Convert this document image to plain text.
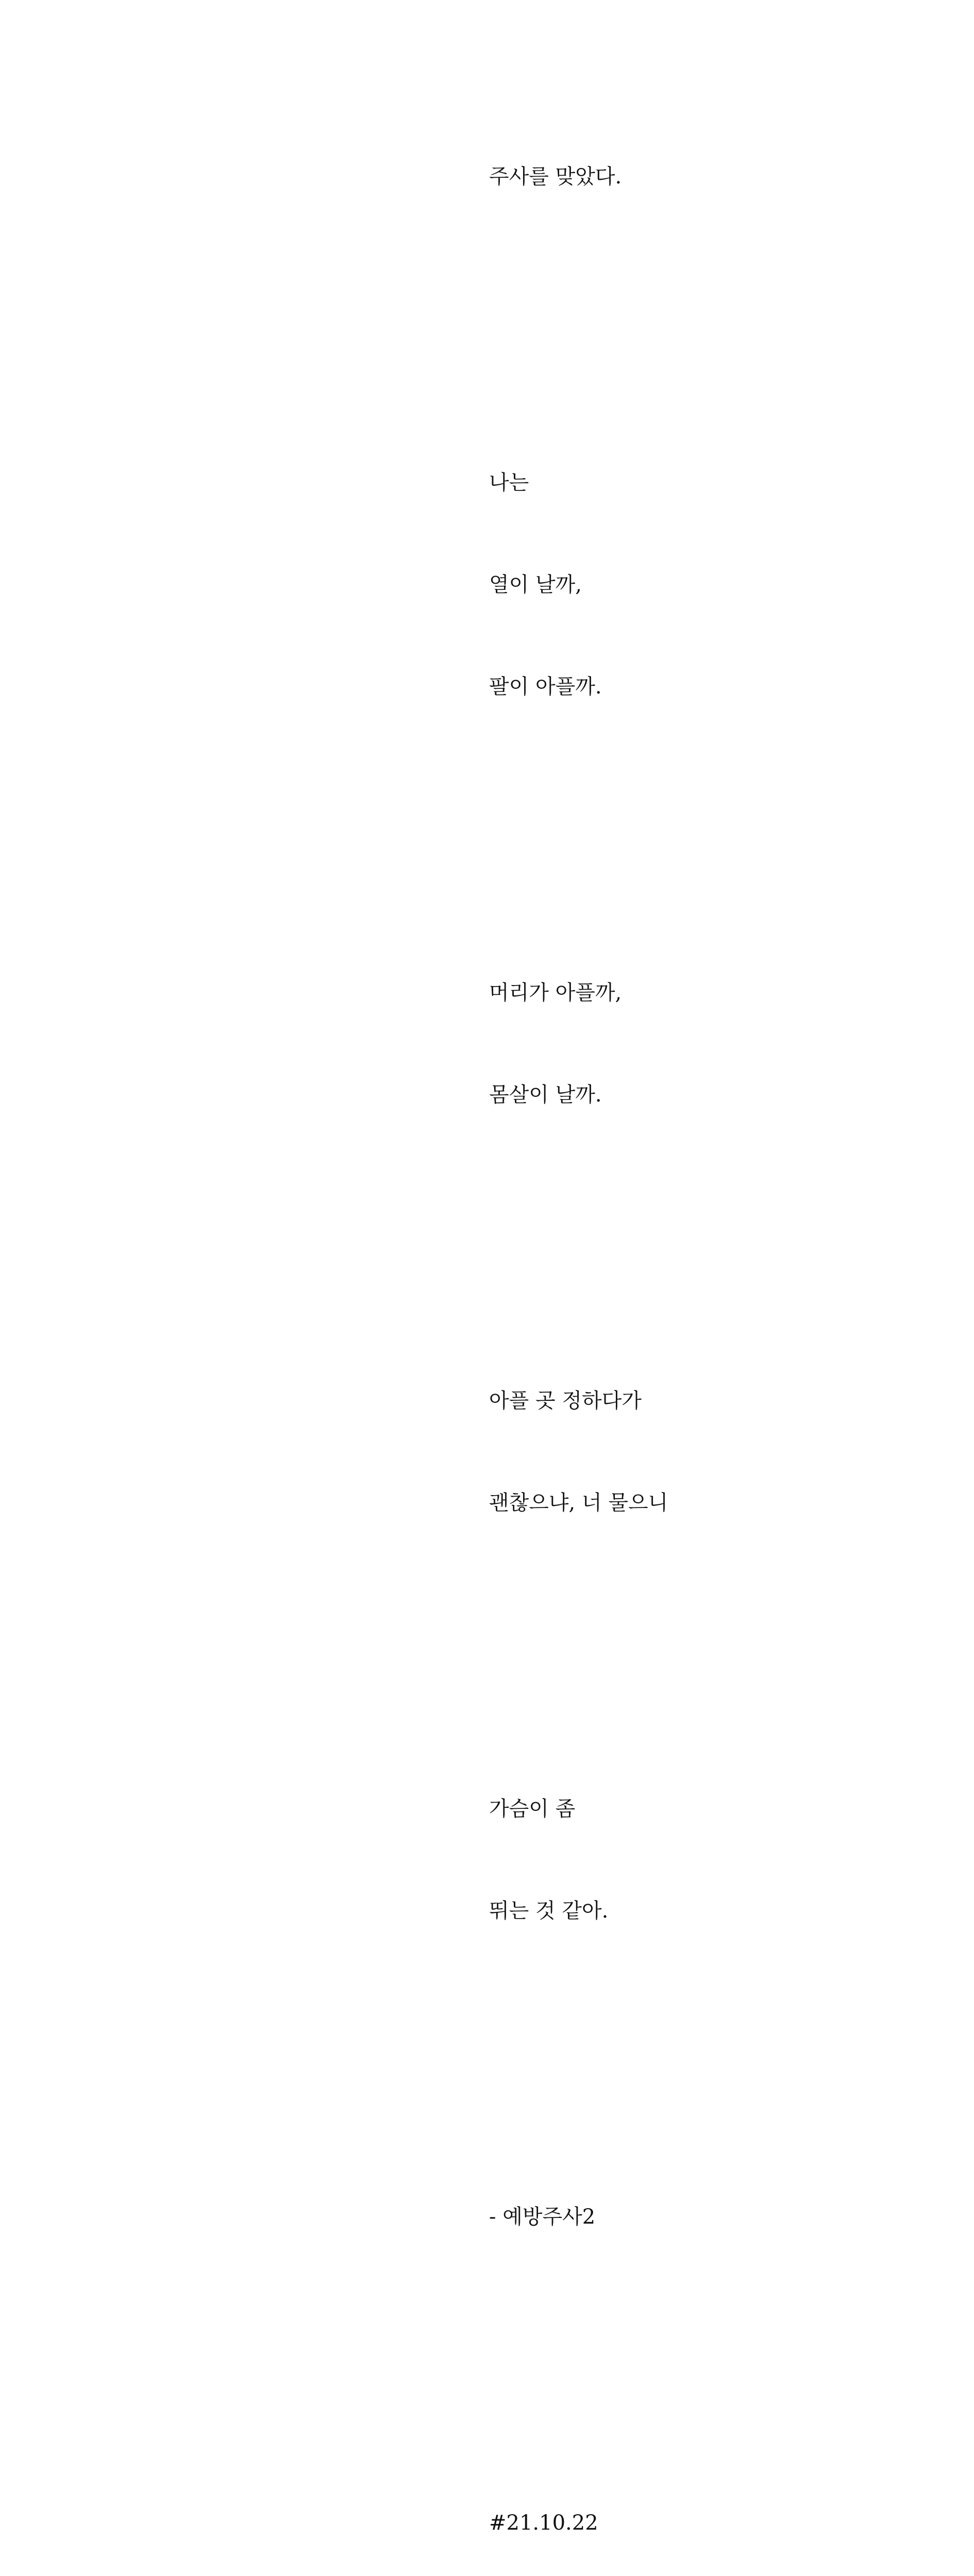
주사를 맞았다.

나는

열이 날까,

팔이 아플까.

머리가 아플까,

몸살이 날까.

아플 곳 정하다가

괜찮으냐, 너 물으니

가슴이 좀

뛰는 것 같아.

- 예방주사2

#21.10.22
